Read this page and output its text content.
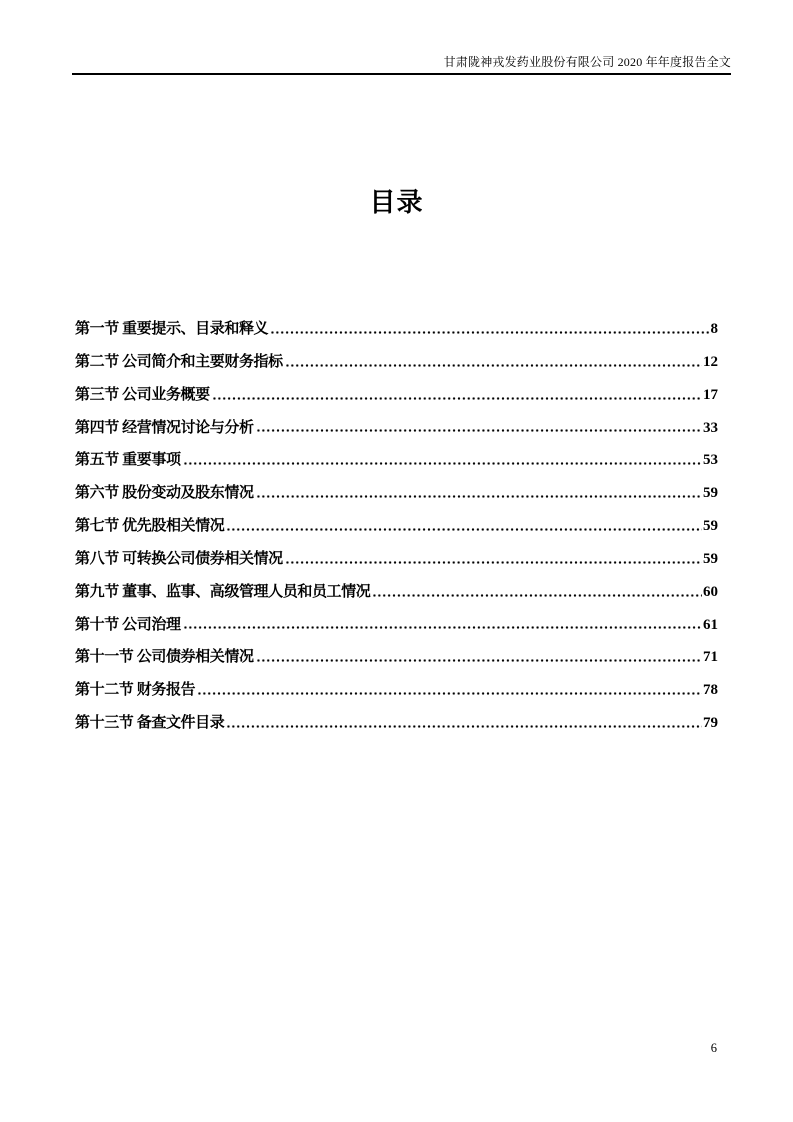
甘肃陇神戎发药业股份有限公司 2020 年年度报告全文
目录
第一节 重要提示、目录和释义	8
第二节 公司简介和主要财务指标	12
第三节 公司业务概要	17
第四节 经营情况讨论与分析	33
第五节 重要事项	53
第六节 股份变动及股东情况	59
第七节 优先股相关情况	59
第八节 可转换公司债券相关情况	59
第九节 董事、监事、高级管理人员和员工情况	60
第十节 公司治理	61
第十一节 公司债券相关情况	71
第十二节 财务报告	78
第十三节 备查文件目录	79
6
